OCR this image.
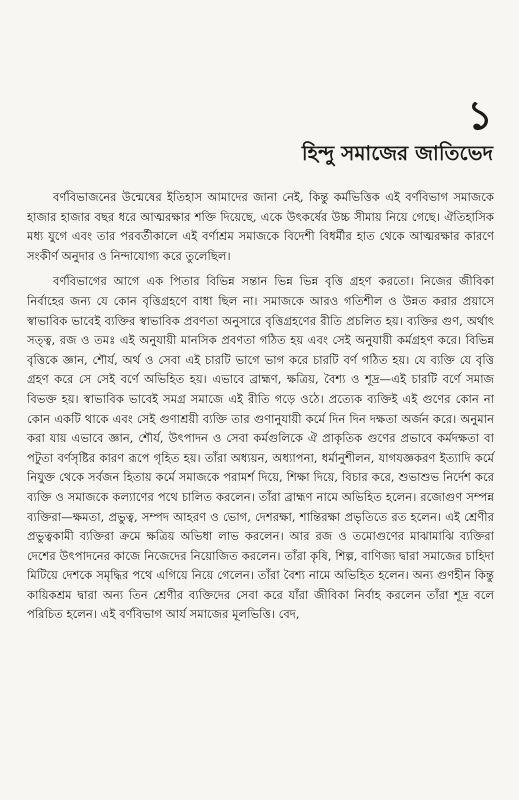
১
হিন্দু সমাজের জাতিভেদ

বর্ণবিভাজনের উন্মেষের ইতিহাস আমাদের জানা নেই, কিন্তু কর্মভিত্তিক এই বর্ণবিভাগ সমাজকে হাজার হাজার বছর ধরে আত্মরক্ষার শক্তি দিয়েছে, একে উৎকর্ষের উচ্চ সীমায় নিয়ে গেছে। ঐতিহাসিক মধ্য যুগে এবং তার পরবর্তীকালে এই বর্ণাশ্রম সমাজকে বিদেশী বিধর্মীর হাত থেকে আত্মরক্ষার কারণে সংকীর্ণ অনুদার ও নিন্দাযোগ্য করে তুলেছিল।

বর্ণবিভাগের আগে এক পিতার বিভিন্ন সন্তান ভিন্ন ভিন্ন বৃত্তি গ্রহণ করতো। নিজের জীবিকা নির্বাহের জন্য যে কোন বৃত্তিগ্রহণে বাধা ছিল না। সমাজকে আরও গতিশীল ও উন্নত করার প্রয়াসে স্বাভাবিক ভাবেই ব্যক্তির স্বাভাবিক প্রবণতা অনুসারে বৃত্তিগ্রহণের রীতি প্রচলিত হয়। ব্যক্তির গুণ, অর্থাৎ সত্ত্ব, রজ ও তমঃ এই অনুযায়ী মানসিক প্রবণতা গঠিত হয় এবং সেই অনুযায়ী কর্মগ্রহণ করে। বিভিন্ন বৃত্তিকে জ্ঞান, শৌর্য, অর্থ ও সেবা এই চারটি ভাগে ভাগ করে চারটি বর্ণ গঠিত হয়। যে ব্যক্তি যে বৃত্তি গ্রহণ করে সে সেই বর্ণে অভিহিত হয়। এভাবে ব্রাহ্মণ, ক্ষত্রিয়, বৈশ্য ও শূদ্র—এই চারটি বর্ণে সমাজ বিভক্ত হয়। স্বাভাবিক ভাবেই সমগ্র সমাজে এই রীতি গড়ে ওঠে। প্রত্যেক ব্যক্তিই এই গুণের কোন না কোন একটি থাকে এবং সেই গুণাশ্রয়ী ব্যক্তি তার গুণানুযায়ী কর্মে দিন দিন দক্ষতা অর্জন করে। অনুমান করা যায় এভাবে জ্ঞান, শৌর্য, উৎপাদন ও সেবা কর্মগুলিকে ঐ প্রাকৃতিক গুণের প্রভাবে কর্মদক্ষতা বা পটুতা বর্ণসৃষ্টির কারণ রূপে গৃহিত হয়। তাঁরা অধ্যয়ন, অধ্যাপনা, ধর্মানুশীলন, যাগযজ্ঞকরণ ইত্যাদি কর্মে নিযুক্ত থেকে সর্বজন হিতায় কর্মে সমাজকে পরামর্শ দিয়ে, শিক্ষা দিয়ে, বিচার করে, শুভাশুভ নির্দেশ করে ব্যক্তি ও সমাজকে কল্যাণের পথে চালিত করলেন। তাঁরা ব্রাহ্মণ নামে অভিহিত হলেন। রজোগুণ সম্পন্ন ব্যক্তিরা—ক্ষমতা, প্রভুত্ব, সম্পদ আহরণ ও ভোগ, দেশরক্ষা, শান্তিরক্ষা প্রভৃতিতে রত হলেন। এই শ্রেণীর প্রভুত্বকামী ব্যক্তিরা ক্রমে ক্ষত্রিয় অভিধা লাভ করলেন। আর রজ ও তমোগুণের মাঝামাঝি ব্যক্তিরা দেশের উৎপাদনের কাজে নিজেদের নিয়োজিত করলেন। তাঁরা কৃষি, শিল্প, বাণিজ্য দ্বারা সমাজের চাহিদা মিটিয়ে দেশকে সমৃদ্ধির পথে এগিয়ে নিয়ে গেলেন। তাঁরা বৈশ্য নামে অভিহিত হলেন। অন্য গুণহীন কিন্তু কায়িকশ্রম দ্বারা অন্য তিন শ্রেণীর ব্যক্তিদের সেবা করে যাঁরা জীবিকা নির্বাহ করলেন তাঁরা শূদ্র বলে পরিচিত হলেন। এই বর্ণবিভাগ আর্য সমাজের মূলভিত্তি। বেদ,
